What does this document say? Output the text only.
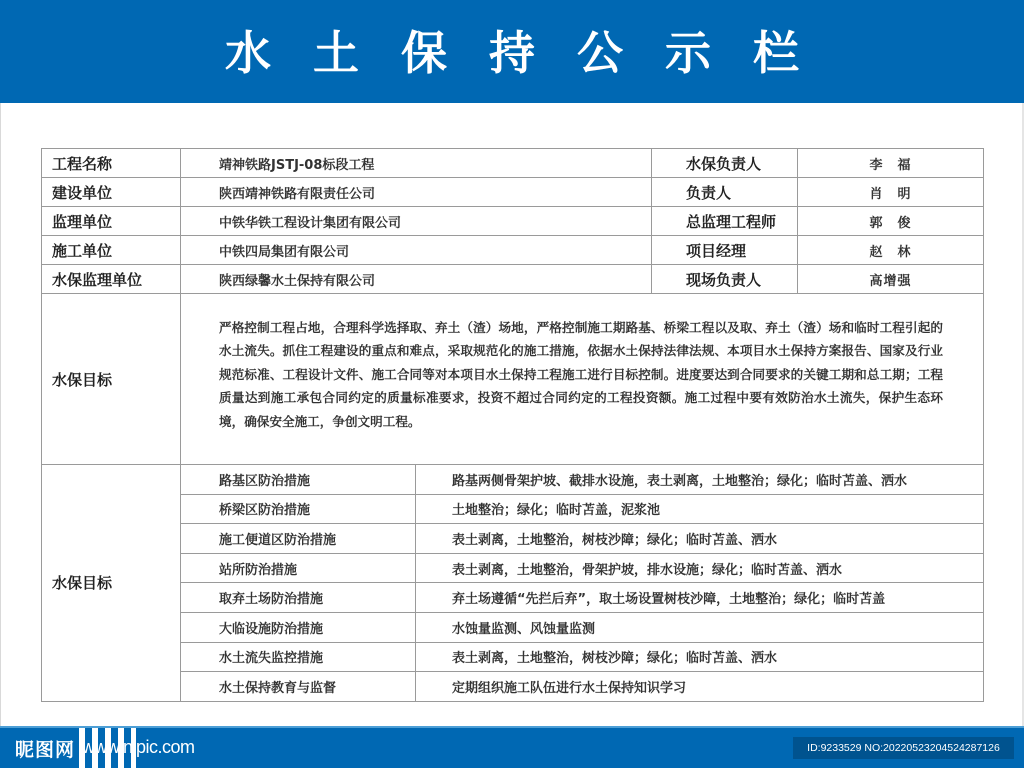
水土保持公示栏
工程名称	靖神铁路JSTJ-08标段工程		水保负责人	李　福
建设单位	陕西靖神铁路有限责任公司		负责人	肖　明
监理单位	中铁华铁工程设计集团有限公司		总监理工程师	郭　俊
施工单位	中铁四局集团有限公司		项目经理	赵　林
水保监理单位	陕西绿馨水土保持有限公司		现场负责人	高增强
水保目标	严格控制工程占地，合理科学选择取、弃土（渣）场地，严格控制施工期路基、桥梁工程以及取、弃土（渣）场和临时工程引起的水土流失。抓住工程建设的重点和难点，采取规范化的施工措施，依据水土保持法律法规、本项目水土保持方案报告、国家及行业规范标准、工程设计文件、施工合同等对本项目水土保持工程施工进行目标控制。进度要达到合同要求的关键工期和总工期；工程质量达到施工承包合同约定的质量标准要求，投资不超过合同约定的工程投资额。施工过程中要有效防治水土流失，保护生态环境，确保安全施工，争创文明工程。			
水保目标	路基区防治措施	路基两侧骨架护坡、截排水设施，表土剥离，土地整治；绿化；临时苫盖、洒水		
	桥梁区防治措施	土地整治；绿化；临时苫盖，泥浆池		
	施工便道区防治措施	表土剥离，土地整治，树枝沙障；绿化；临时苫盖、洒水		
	站所防治措施	表土剥离，土地整治，骨架护坡，排水设施；绿化；临时苫盖、洒水		
	取弃土场防治措施	弃土场遵循“先拦后弃”，取土场设置树枝沙障，土地整治；绿化；临时苫盖		
	大临设施防治措施	水蚀量监测、风蚀量监测		
	水土流失监控措施	表土剥离，土地整治，树枝沙障；绿化；临时苫盖、洒水		
	水土保持教育与监督	定期组织施工队伍进行水土保持知识学习		
昵图网 www.nipic.com	ID:9233529 NO:20220523204524287126
